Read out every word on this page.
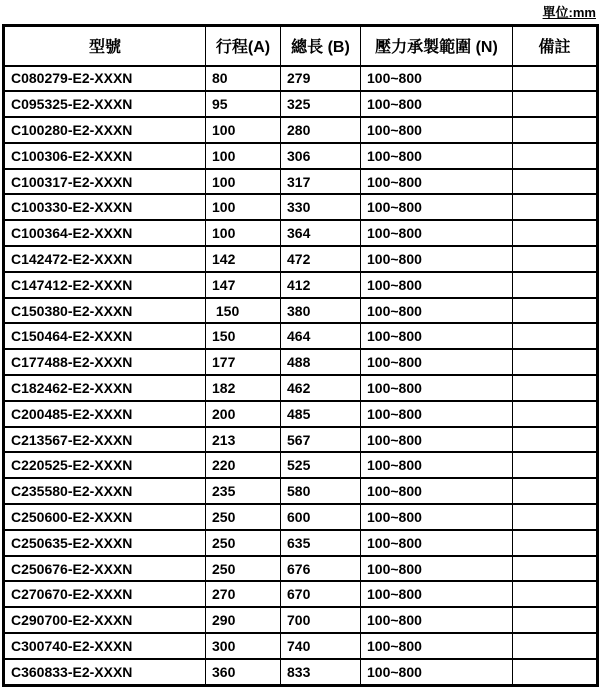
單位:mm
型號	行程(A)	總長 (B)	壓力承製範圍 (N)	備註
C080279-E2-XXXN	80	279	100~800	
C095325-E2-XXXN	95	325	100~800	
C100280-E2-XXXN	100	280	100~800	
C100306-E2-XXXN	100	306	100~800	
C100317-E2-XXXN	100	317	100~800	
C100330-E2-XXXN	100	330	100~800	
C100364-E2-XXXN	100	364	100~800	
C142472-E2-XXXN	142	472	100~800	
C147412-E2-XXXN	147	412	100~800	
C150380-E2-XXXN	150	380	100~800	
C150464-E2-XXXN	150	464	100~800	
C177488-E2-XXXN	177	488	100~800	
C182462-E2-XXXN	182	462	100~800	
C200485-E2-XXXN	200	485	100~800	
C213567-E2-XXXN	213	567	100~800	
C220525-E2-XXXN	220	525	100~800	
C235580-E2-XXXN	235	580	100~800	
C250600-E2-XXXN	250	600	100~800	
C250635-E2-XXXN	250	635	100~800	
C250676-E2-XXXN	250	676	100~800	
C270670-E2-XXXN	270	670	100~800	
C290700-E2-XXXN	290	700	100~800	
C300740-E2-XXXN	300	740	100~800	
C360833-E2-XXXN	360	833	100~800	
